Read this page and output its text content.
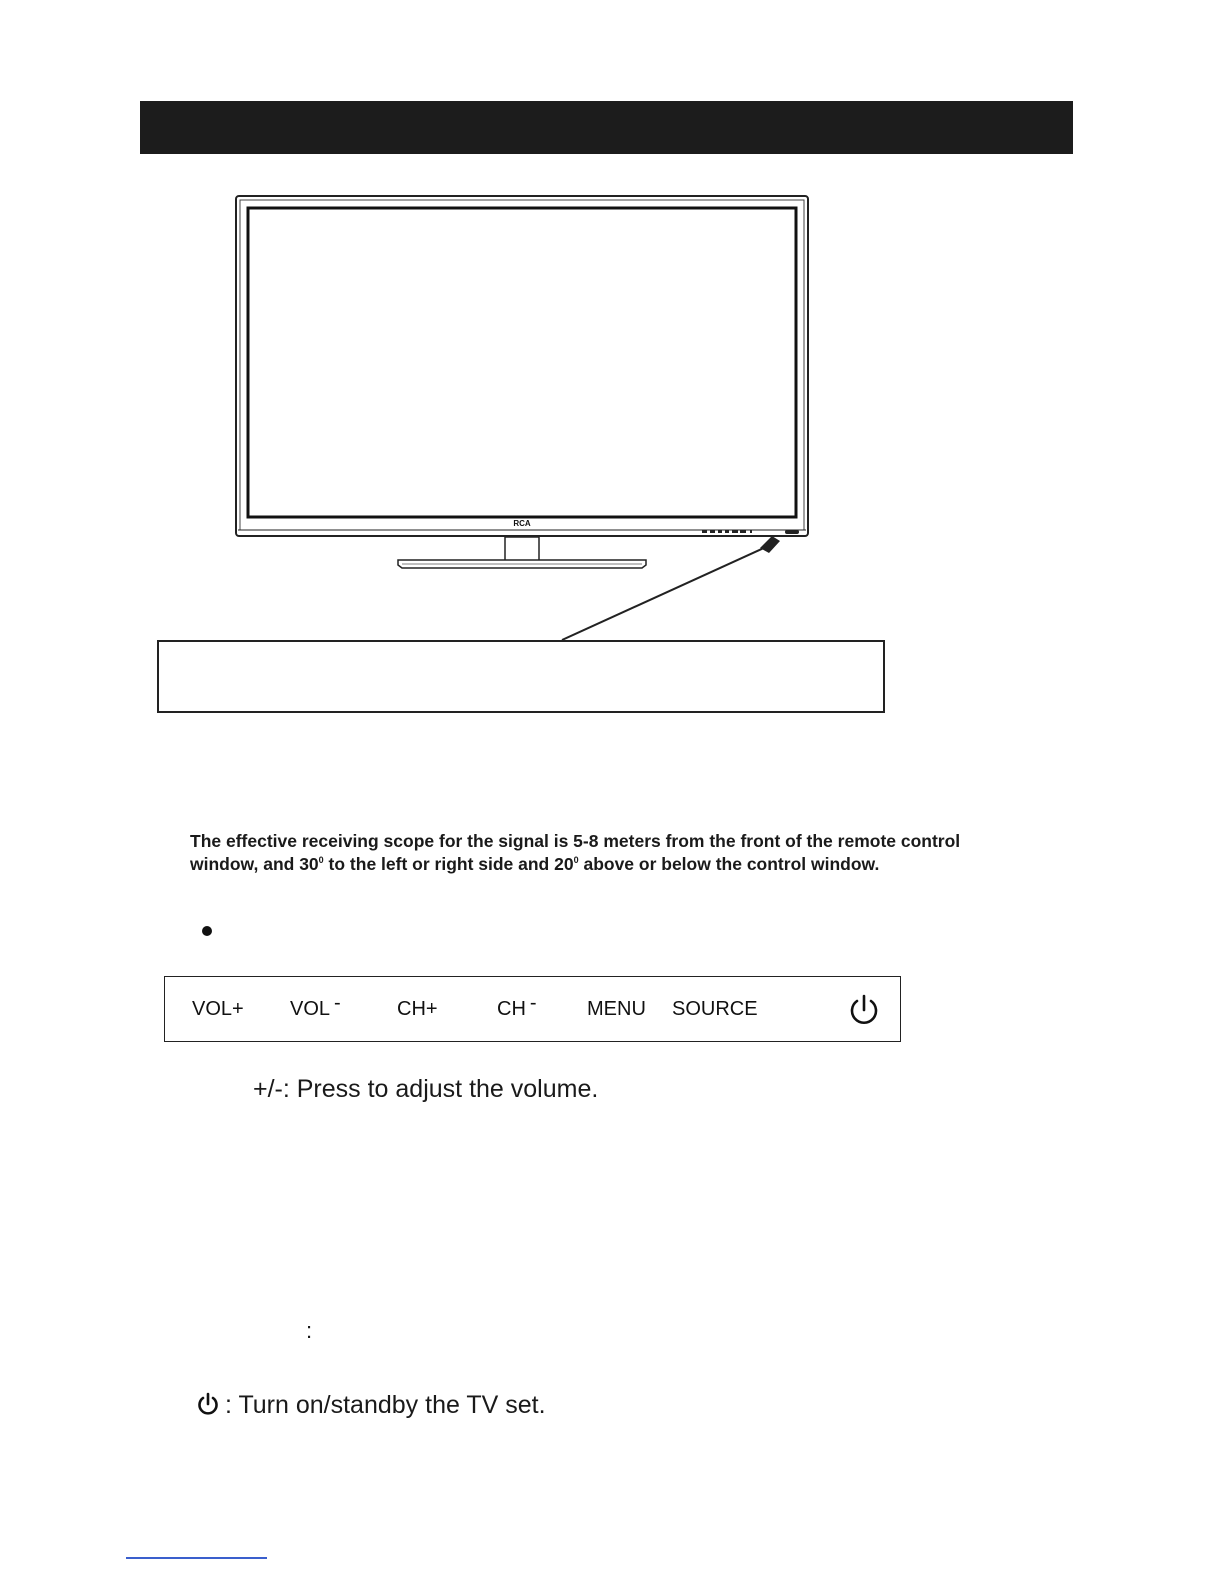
RCA
The effective receiving scope for the signal is 5-8 meters from the front of the remote control window, and $30^0$ to the left or right side and $20^0$ above or below the control window.
VOL+ VOL -	CH+	CH -	MENU SOURCE
+/-: Press to adjust the volume.
:
: Turn on/standby the TV set.
